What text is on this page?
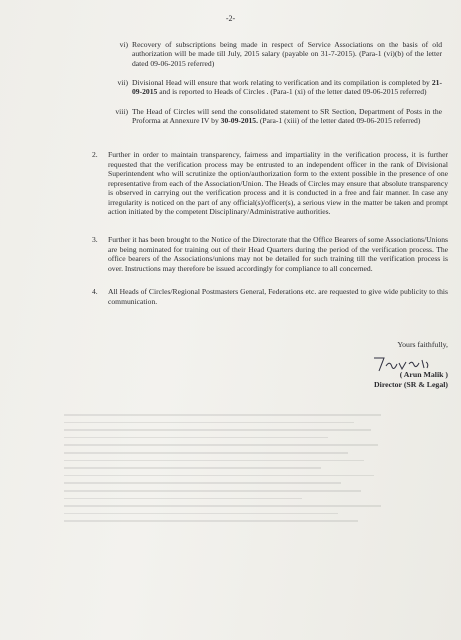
-2-
vi) Recovery of subscriptions being made in respect of Service Associations on the basis of old authorization will be made till July, 2015 salary (payable on 31-7-2015). (Para-1 (vi)(b) of the letter dated 09-06-2015 referred)
vii) Divisional Head will ensure that work relating to verification and its compilation is completed by 21-09-2015 and is reported to Heads of Circles . (Para-1 (xi) of the letter dated 09-06-2015 referred)
viii) The Head of Circles will send the consolidated statement to SR Section, Department of Posts in the Proforma at Annexure IV by 30-09-2015. (Para-1 (xiii) of the letter dated 09-06-2015 referred)
2. Further in order to maintain transparency, fairness and impartiality in the verification process, it is further requested that the verification process may be entrusted to an independent officer in the rank of Divisional Superintendent who will scrutinize the option/authorization form to the extent possible in the presence of one representative from each of the Association/Union. The Heads of Circles may ensure that absolute transparency is observed in carrying out the verification process and it is conducted in a free and fair manner. In case any irregularity is noticed on the part of any official(s)/officer(s), a serious view in the matter be taken and prompt action initiated by the competent Disciplinary/Administrative authorities.
3. Further it has been brought to the Notice of the Directorate that the Office Bearers of some Associations/Unions are being nominated for training out of their Head Quarters during the period of the verification process. The office bearers of the Associations/unions may not be detailed for such training till the verification process is over. Instructions may therefore be issued accordingly for compliance to all concerned.
4. All Heads of Circles/Regional Postmasters General, Federations etc. are requested to give wide publicity to this communication.
Yours faithfully,
( Arun Malik )
Director (SR & Legal)
